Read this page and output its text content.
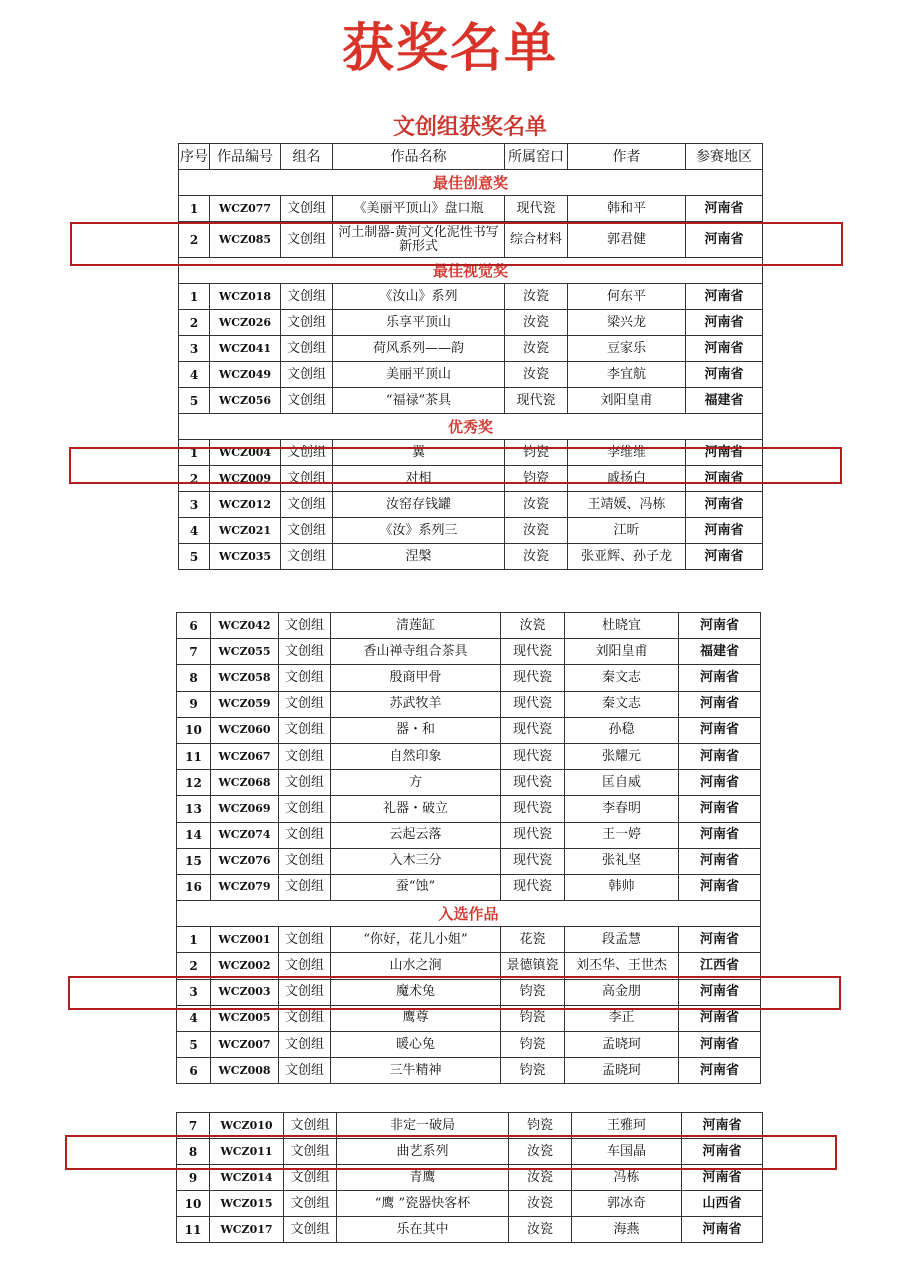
获奖名单
文创组获奖名单
序号	作品编号	组名	作品名称	所属窑口	作者	参赛地区
最佳创意奖						
1	WCZ077	文创组	《美丽平顶山》盘口瓶	现代瓷	韩和平	河南省
2	WCZ085	文创组	河土制器-黄河文化泥性书写新形式	综合材料	郭君健	河南省
最佳视觉奖						
1	WCZ018	文创组	《汝山》系列	汝瓷	何东平	河南省
2	WCZ026	文创组	乐享平顶山	汝瓷	梁兴龙	河南省
3	WCZ041	文创组	荷风系列——韵	汝瓷	豆家乐	河南省
4	WCZ049	文创组	美丽平顶山	汝瓷	李宜航	河南省
5	WCZ056	文创组	“福禄”茶具	现代瓷	刘阳皇甫	福建省
优秀奖						
1	WCZ004	文创组	翼	钧瓷	李维维	河南省
2	WCZ009	文创组	对相	钧瓷	戚扬白	河南省
3	WCZ012	文创组	汝窑存钱罐	汝瓷	王靖媛、冯栋	河南省
4	WCZ021	文创组	《汝》系列三	汝瓷	江昕	河南省
5	WCZ035	文创组	涅槃	汝瓷	张亚辉、孙子龙	河南省
6	WCZ042	文创组	清莲缸	汝瓷	杜晓宜	河南省
7	WCZ055	文创组	香山禅寺组合茶具	现代瓷	刘阳皇甫	福建省
8	WCZ058	文创组	殷商甲骨	现代瓷	秦文志	河南省
9	WCZ059	文创组	苏武牧羊	现代瓷	秦文志	河南省
10	WCZ060	文创组	器・和	现代瓷	孙稳	河南省
11	WCZ067	文创组	自然印象	现代瓷	张耀元	河南省
12	WCZ068	文创组	方	现代瓷	匡自威	河南省
13	WCZ069	文创组	礼器・破立	现代瓷	李春明	河南省
14	WCZ074	文创组	云起云落	现代瓷	王一婷	河南省
15	WCZ076	文创组	入木三分	现代瓷	张礼坚	河南省
16	WCZ079	文创组	蚕“蚀”	现代瓷	韩帅	河南省
入选作品						
1	WCZ001	文创组	“你好，花儿小姐”	花瓷	段孟慧	河南省
2	WCZ002	文创组	山水之涧	景德镇瓷	刘丕华、王世杰	江西省
3	WCZ003	文创组	魔术兔	钧瓷	高金朋	河南省
4	WCZ005	文创组	鹰尊	钧瓷	李正	河南省
5	WCZ007	文创组	暖心兔	钧瓷	孟晓珂	河南省
6	WCZ008	文创组	三牛精神	钧瓷	孟晓珂	河南省
7	WCZ010	文创组	非定一破局	钧瓷	王雅珂	河南省
8	WCZ011	文创组	曲艺系列	汝瓷	车国晶	河南省
9	WCZ014	文创组	青鹰	汝瓷	冯栋	河南省
10	WCZ015	文创组	“鹰 ”瓷器快客杯	汝瓷	郭冰奇	山西省
11	WCZ017	文创组	乐在其中	汝瓷	海燕	河南省
